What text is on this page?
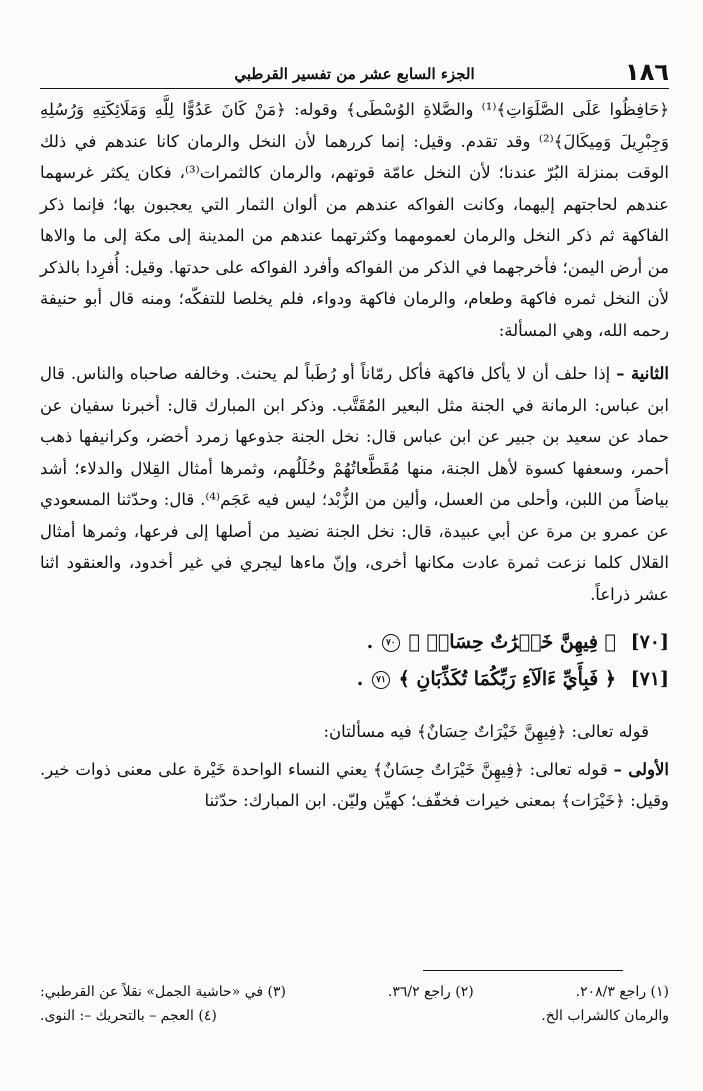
١٨٦
الجزء السابع عشر من تفسير القرطبي

﴿حَافِظُوا عَلَى الصَّلَوَاتِ﴾⁽¹⁾ والصَّلاةِ الوُسْطَى﴾ وقوله: ﴿مَنْ كَانَ عَدُوًّا لِلَّهِ وَمَلَائِكَتِهِ وَرُسُلِهِ وَجِبْرِيلَ وَمِيكَالَ﴾⁽²⁾ وقد تقدم. وقيل: إنما كررهما لأن النخل والرمان كانا عندهم في ذلك الوقت بمنزلة البُرّ عندنا؛ لأن النخل عامّة قوتهم، والرمان كالثمرات⁽³⁾، فكان يكثر غرسهما عندهم لحاجتهم إليهما، وكانت الفواكه عندهم من ألوان الثمار التي يعجبون بها؛ فإنما ذكر الفاكهة ثم ذكر النخل والرمان لعمومهما وكثرتهما عندهم من المدينة إلى مكة إلى ما والاها من أرض اليمن؛ فأخرجهما في الذكر من الفواكه وأفرد الفواكه على حدتها. وقيل: أُفرِدا بالذكر لأن النخل ثمره فاكهة وطعام، والرمان فاكهة ودواء، فلم يخلصا للتفكّه؛ ومنه قال أبو حنيفة رحمه الله، وهي المسألة:

الثانية – إذا حلف أن لا يأكل فاكهة فأكل رمّاناً أو رُطَباً لم يحنث. وخالفه صاحباه والناس. قال ابن عباس: الرمانة في الجنة مثل البعير المُقَتَّب. وذكر ابن المبارك قال: أخبرنا سفيان عن حماد عن سعيد بن جبير عن ابن عباس قال: نخل الجنة جذوعها زمرد أخضر، وكرانيفها ذهب أحمر، وسعفها كسوة لأهل الجنة، منها مُقَطَّعاتُهُمْ وحُلَلُهم، وثمرها أمثال القِلال والدلاء؛ أشد بياضاً من اللبن، وأحلى من العسل، وألين من الزُّبْد؛ ليس فيه عَجَم⁽⁴⁾. قال: وحدّثنا المسعودي عن عمرو بن مرة عن أبي عبيدة، قال: نخل الجنة نضيد من أصلها إلى فرعها، وثمرها أمثال القلال كلما نزعت ثمرة عادت مكانها أخرى، وإنّ ماءها ليجري في غير أخدود، والعنقود اثنا عشر ذراعاً.

[٧٠] ﴿ فِيهِنَّ خَيۡرَٰتٌ حِسَانٞ ﴾ ٧٠ .
[٧١] ﴿ فَبِأَيِّ ءَالَآءِ رَبِّكُمَا تُكَذِّبَانِ ﴾ ٧١ .

قوله تعالى: ﴿فِيهِنَّ خَيْرَاتٌ حِسَانٌ﴾ فيه مسألتان:

الأولى – قوله تعالى: ﴿فِيهِنَّ خَيْرَاتٌ حِسَانٌ﴾ يعني النساء الواحدة خَيْرة على معنى ذوات خير. وقيل: ﴿خَيْرَات﴾ بمعنى خيرات فخفّف؛ كهيِّن وليّن. ابن المبارك: حدّثنا

(١) راجع ٢٠٨/٣.
(٢) راجع ٣٦/٢.
(٣) في «حاشية الجمل» نقلاً عن القرطبي:
والرمان كالشراب الخ.
(٤) العجم – بالتحريك –: النوى.
